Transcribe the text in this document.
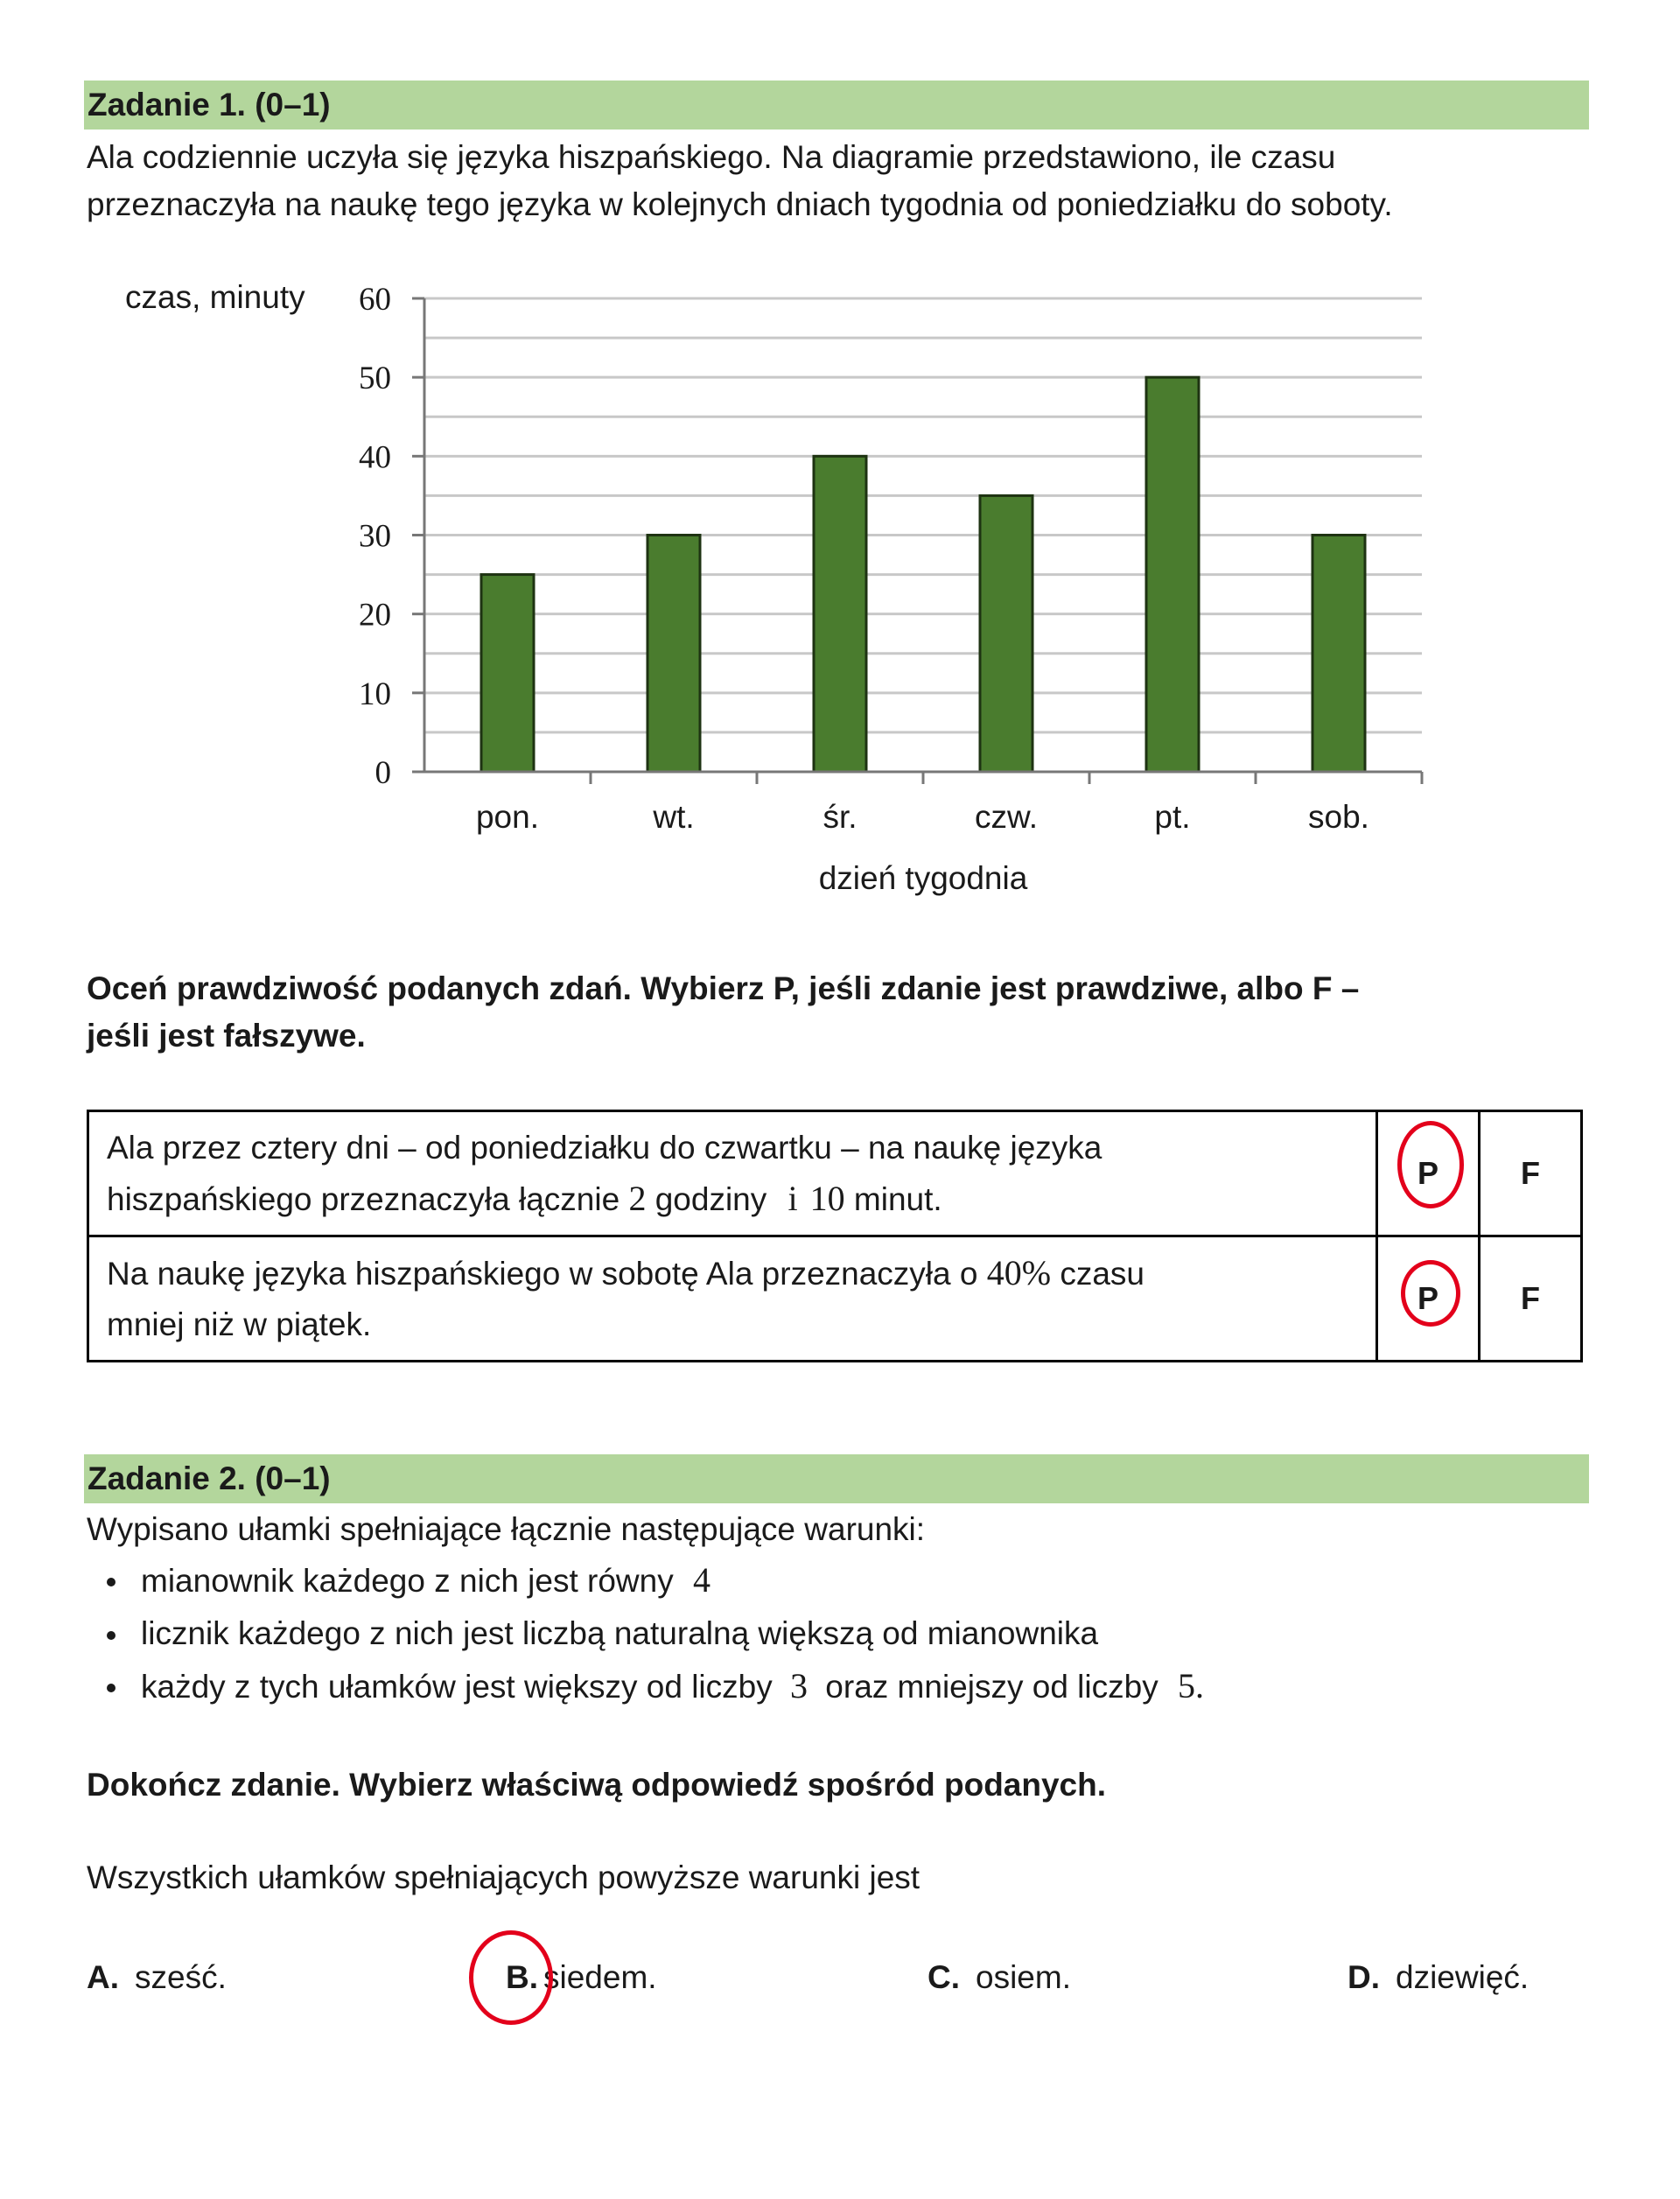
Zadanie 1. (0–1)
Ala codziennie uczyła się języka hiszpańskiego. Na diagramie przedstawiono, ile czasu
przeznaczyła na naukę tego języka w kolejnych dniach tygodnia od poniedziałku do soboty.
0
10
20
30
40
50
60
pon.	wt.	śr.	czw.	pt.	sob.
czas, minuty
dzień tygodnia
Oceń prawdziwość podanych zdań. Wybierz P, jeśli zdanie jest prawdziwe, albo F –
jeśli jest fałszywe.
Ala przez cztery dni – od poniedziałku do czwartku – na naukę języka
hiszpańskiego przeznaczyła łącznie 2 godziny i 10 minut.	P	F

Na naukę języka hiszpańskiego w sobotę Ala przeznaczyła o 40% czasu
mniej niż w piątek.	P	F
Zadanie 2. (0–1)
Wypisano ułamki spełniające łącznie następujące warunki:
mianownik każdego z nich jest równy 4
licznik każdego z nich jest liczbą naturalną większą od mianownika
każdy z tych ułamków jest większy od liczby 3 oraz mniejszy od liczby 5.
Dokończ zdanie. Wybierz właściwą odpowiedź spośród podanych.
Wszystkich ułamków spełniających powyższe warunki jest
A. sześć.	B. siedem.	C. osiem.	D. dziewięć.
